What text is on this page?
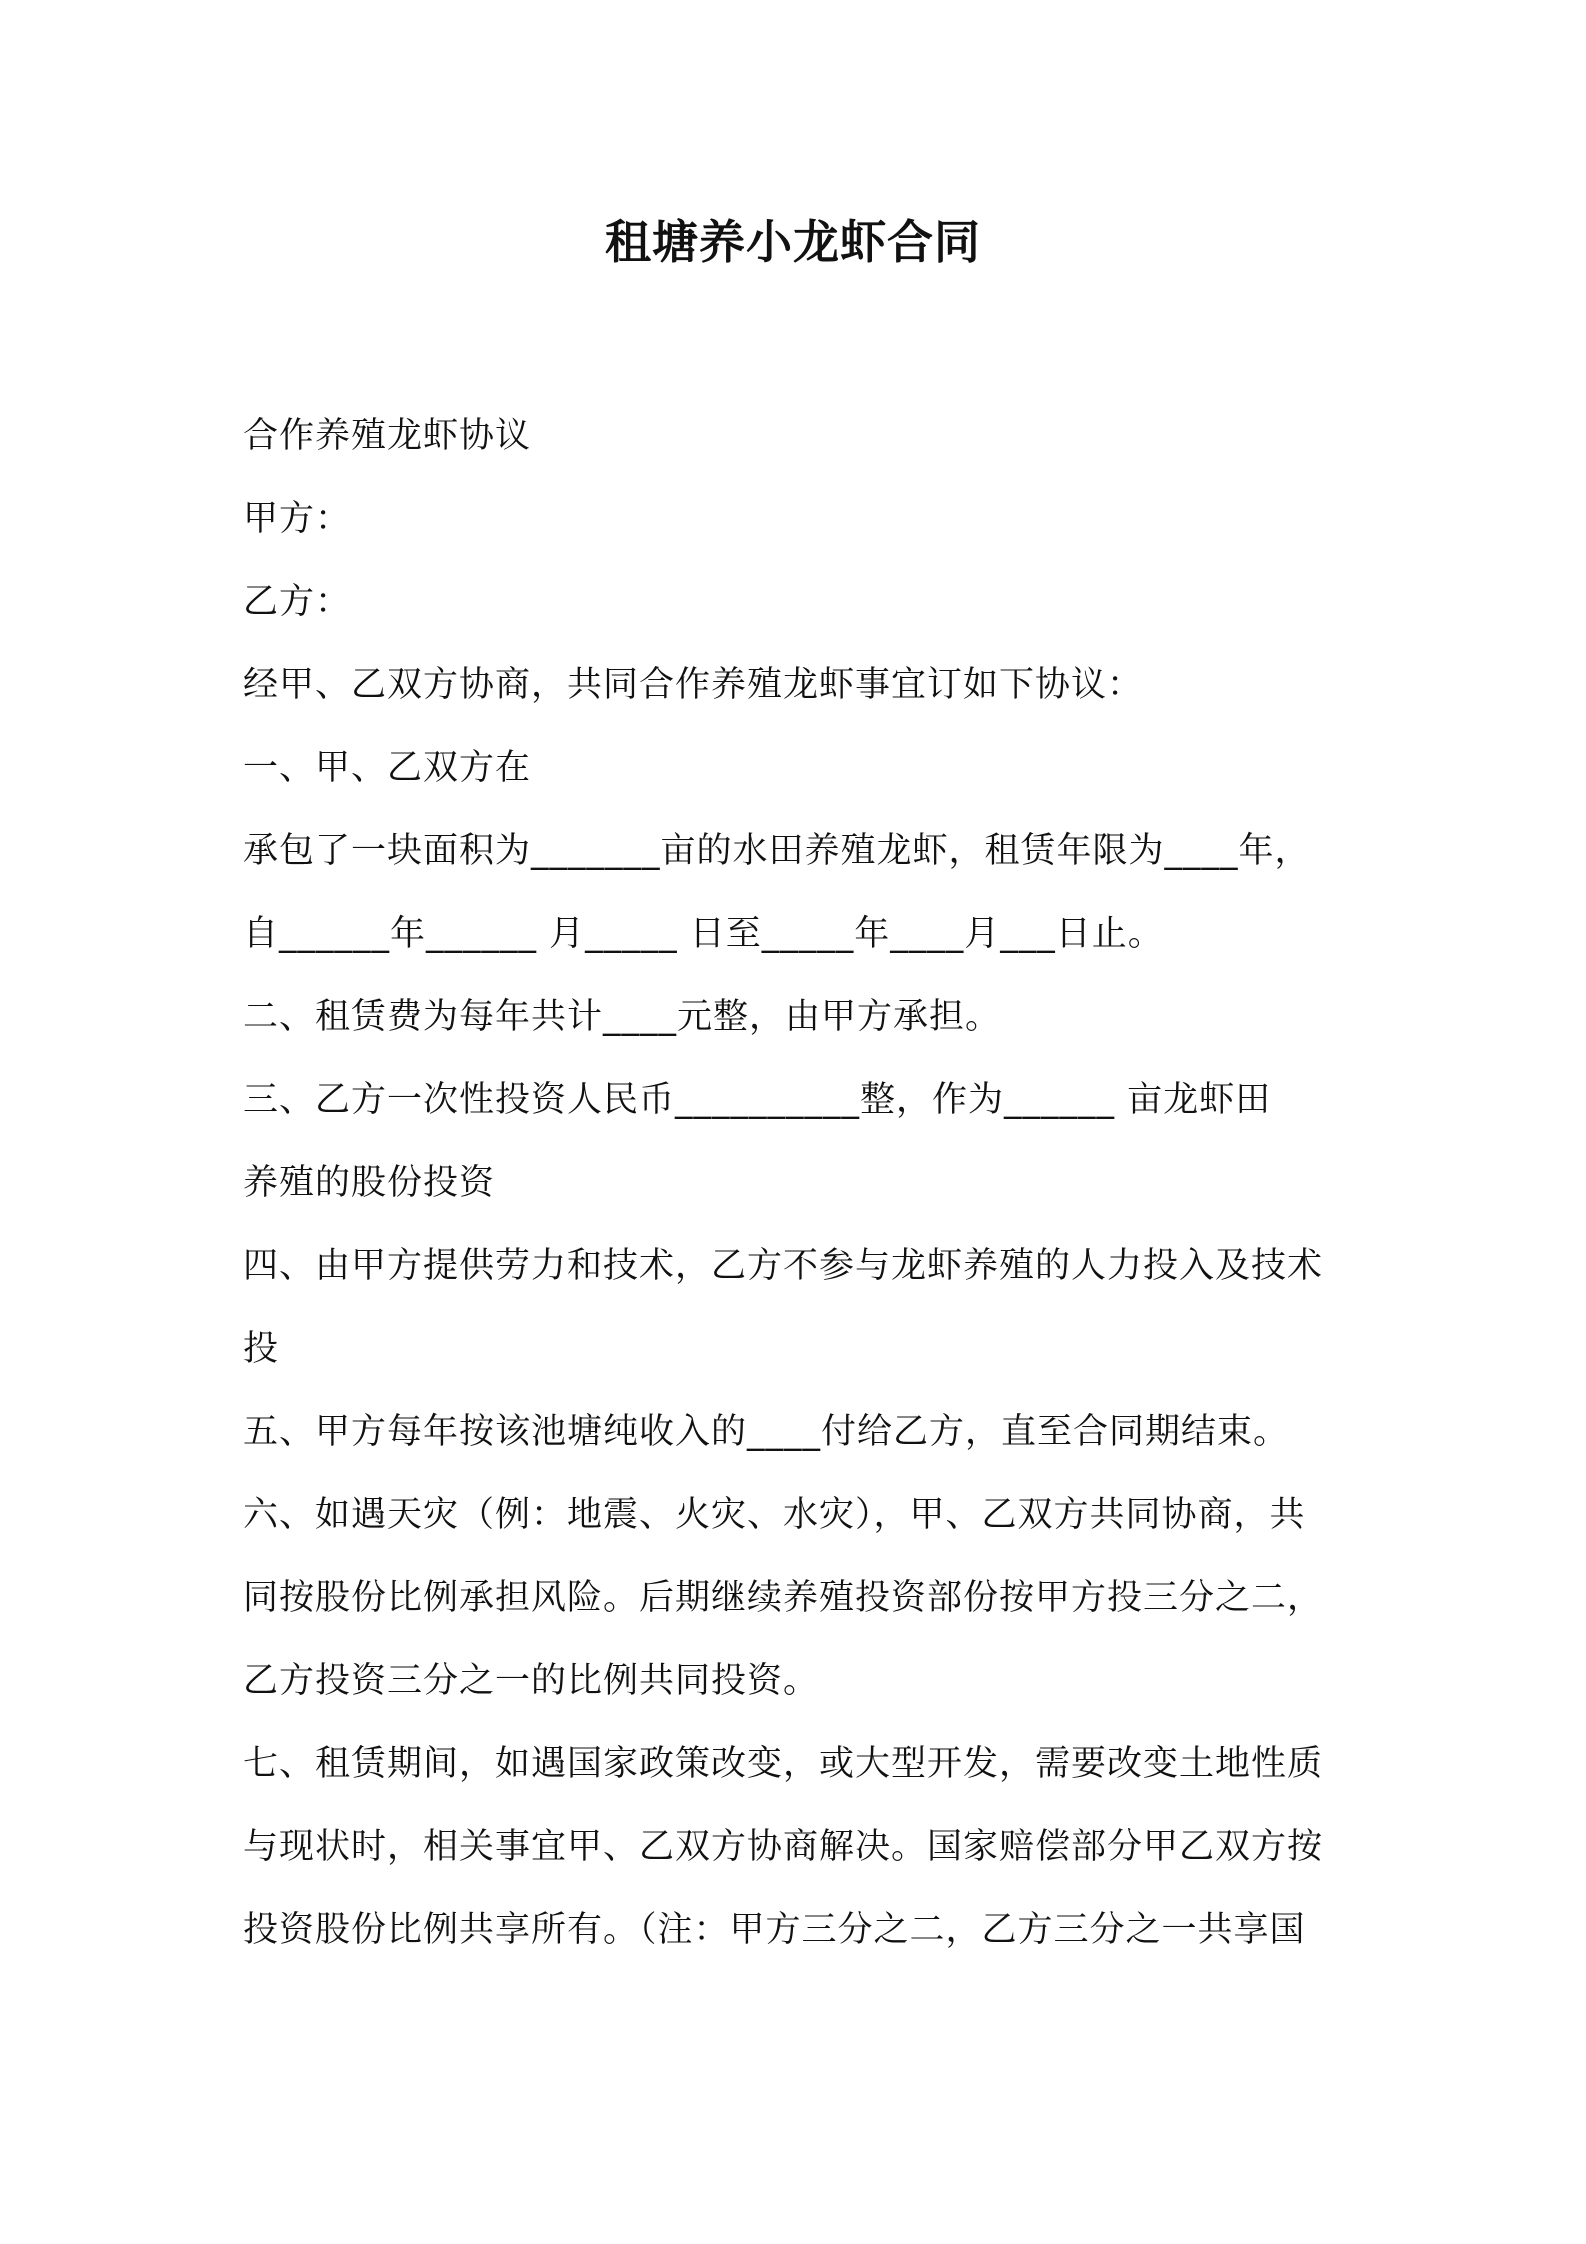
租塘养小龙虾合同
合作养殖龙虾协议
甲方：
乙方：
经甲、乙双方协商，共同合作养殖龙虾事宜订如下协议：
一、甲、乙双方在
承包了一块面积为_______亩的水田养殖龙虾，租赁年限为____年，
自______年______ 月_____ 日至_____年____月___日止。
二、租赁费为每年共计____元整，由甲方承担。
三、乙方一次性投资人民币__________整，作为______ 亩龙虾田
养殖的股份投资
四、由甲方提供劳力和技术，乙方不参与龙虾养殖的人力投入及技术
投
五、甲方每年按该池塘纯收入的____付给乙方，直至合同期结束。
六、如遇天灾（例：地震、火灾、水灾），甲、乙双方共同协商，共
同按股份比例承担风险。后期继续养殖投资部份按甲方投三分之二，
乙方投资三分之一的比例共同投资。
七、租赁期间，如遇国家政策改变，或大型开发，需要改变土地性质
与现状时，相关事宜甲、乙双方协商解决。国家赔偿部分甲乙双方按
投资股份比例共享所有。（注：甲方三分之二，乙方三分之一共享国
